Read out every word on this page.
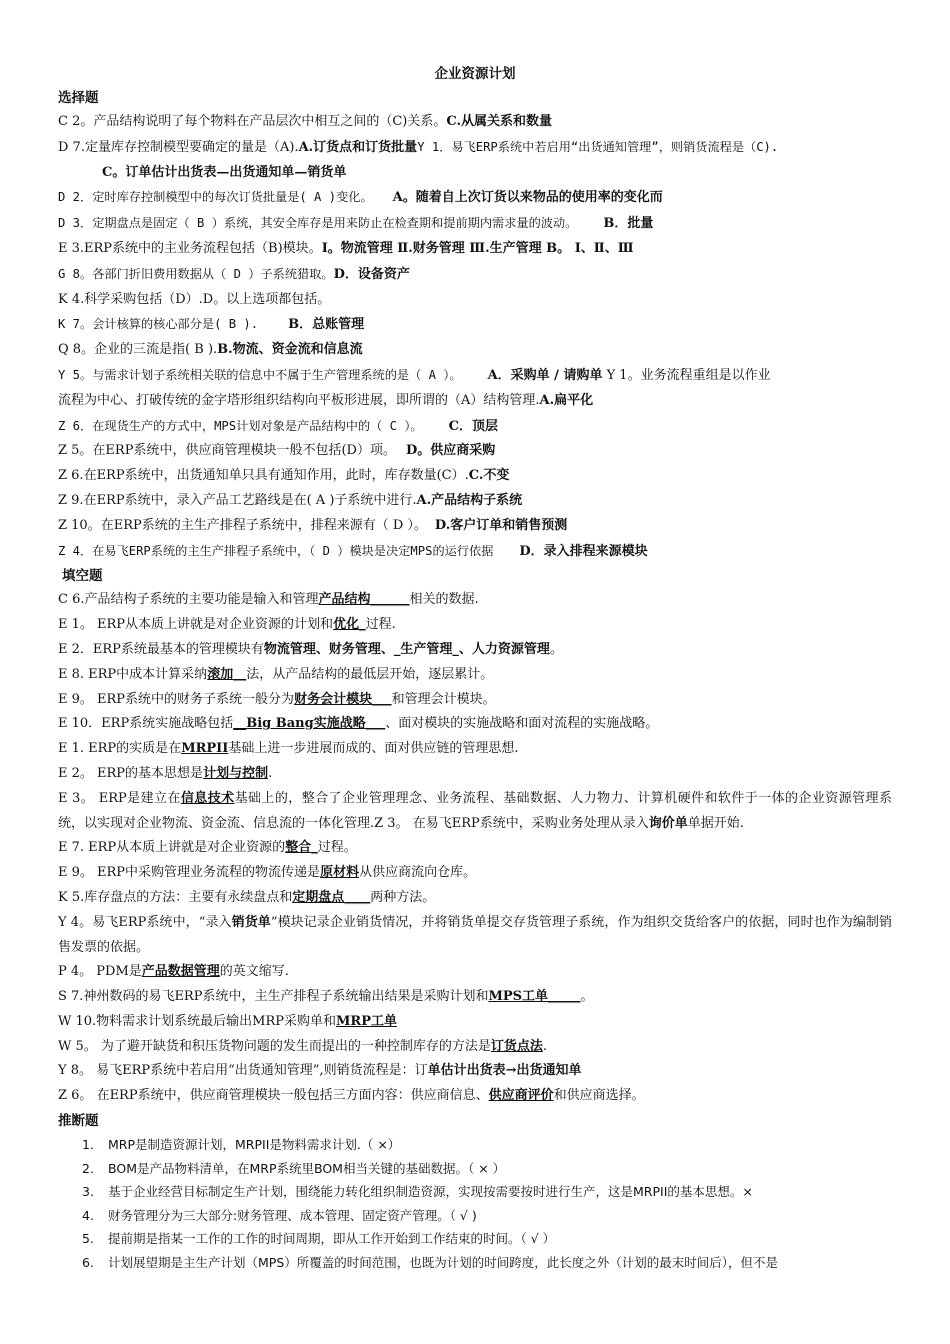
企业资源计划

选择题

C 2。产品结构说明了每个物料在产品层次中相互之间的（C)关系。C.从属关系和数量

D 7.定量库存控制模型要确定的量是（A).A.订货点和订货批量Y 1．易飞ERP系统中若启用“出货通知管理”，则销货流程是（C).

C。订单估计出货表—出货通知单—销货单

D 2．定时库存控制模型中的每次订货批量是( A )变化。 A。随着自上次订货以来物品的使用率的变化而

D 3．定期盘点是固定（ B ）系统，其安全库存是用来防止在检查期和提前期内需求量的波动。 B．批量

E 3.ERP系统中的主业务流程包括（B)模块。I。物流管理 Ⅱ.财务管理 Ⅲ.生产管理 B。 I、Ⅱ、Ⅲ

G 8。各部门折旧费用数据从（ D ）子系统猎取。D．设备资产

K 4.科学采购包括（D）.D。以上选项都包括。

K 7。会计核算的核心部分是( B ). B．总账管理

Q 8。企业的三流是指( B ).B.物流、资金流和信息流

Y 5。与需求计划子系统相关联的信息中不属于生产管理系统的是（ A ）。 A．采购单 / 请购单 Y 1。业务流程重组是以作业

流程为中心、打破传统的金字塔形组织结构向平板形进展，即所谓的（A）结构管理.A.扁平化

Z 6．在现货生产的方式中，MPS计划对象是产品结构中的（ C ）。 C．顶层

Z 5。在ERP系统中，供应商管理模块一般不包括(D）项。 D。供应商采购

Z 6.在ERP系统中，出货通知单只具有通知作用，此时，库存数量(C）.C.不变

Z 9.在ERP系统中，录入产品工艺路线是在( A )子系统中进行.A.产品结构子系统

Z 10。在ERP系统的主生产排程子系统中，排程来源有（ D ）。 D.客户订单和销售预测

Z 4．在易飞ERP系统的主生产排程子系统中，（ D ）模块是决定MPS的运行依据 D．录入排程来源模块

填空题

C 6.产品结构子系统的主要功能是输入和管理产品结构______相关的数据.

E 1。 ERP从本质上讲就是对企业资源的计划和优化_过程.

E 2．ERP系统最基本的管理模块有物流管理、财务管理、_生产管理_、人力资源管理。

E 8. ERP中成本计算采纳滚加__法，从产品结构的最低层开始，逐层累计。

E 9。 ERP系统中的财务子系统一般分为财务会计模块___和管理会计模块。

E 10．ERP系统实施战略包括__Big Bang实施战略___、面对模块的实施战略和面对流程的实施战略。

E 1. ERP的实质是在MRPII基础上进一步进展而成的、面对供应链的管理思想.

E 2。 ERP的基本思想是计划与控制.

E 3。 ERP是建立在信息技术基础上的，整合了企业管理理念、业务流程、基础数据、人力物力、计算机硬件和软件于一体的企业资源管理系统，以实现对企业物流、资金流、信息流的一体化管理.Z 3。 在易飞ERP系统中，采购业务处理从录入询价单单据开始.

E 7. ERP从本质上讲就是对企业资源的整合_过程。

E 9。 ERP中采购管理业务流程的物流传递是原材料从供应商流向仓库。

K 5.库存盘点的方法：主要有永续盘点和定期盘点____两种方法。

Y 4。易飞ERP系统中，“录入销货单”模块记录企业销货情况，并将销货单提交存货管理子系统，作为组织交货给客户的依据，同时也作为编制销售发票的依据。

P 4。 PDM是产品数据管理的英文缩写.

S 7.神州数码的易飞ERP系统中，主生产排程子系统输出结果是采购计划和MPS工单_____。

W 10.物料需求计划系统最后输出MRP采购单和MRP工单

W 5。 为了避开缺货和积压货物问题的发生而提出的一种控制库存的方法是订货点法.

Y 8。 易飞ERP系统中若启用“出货通知管理”,则销货流程是：订单估计出货表→出货通知单

Z 6。 在ERP系统中，供应商管理模块一般包括三方面内容：供应商信息、供应商评价和供应商选择。

推断题

1. MRP是制造资源计划，MRPII是物料需求计划.（ ×）
2. BOM是产品物料清单，在MRP系统里BOM相当关键的基础数据。（ × ）
3. 基于企业经营目标制定生产计划，围绕能力转化组织制造资源，实现按需要按时进行生产，这是MRPII的基本思想。×
4. 财务管理分为三大部分:财务管理、成本管理、固定资产管理。（ √ )
5. 提前期是指某一工作的工作的时间周期，即从工作开始到工作结束的时间。（ √ ）
6. 计划展望期是主生产计划（MPS）所覆盖的时间范围，也既为计划的时间跨度，此长度之外（计划的最末时间后），但不是
